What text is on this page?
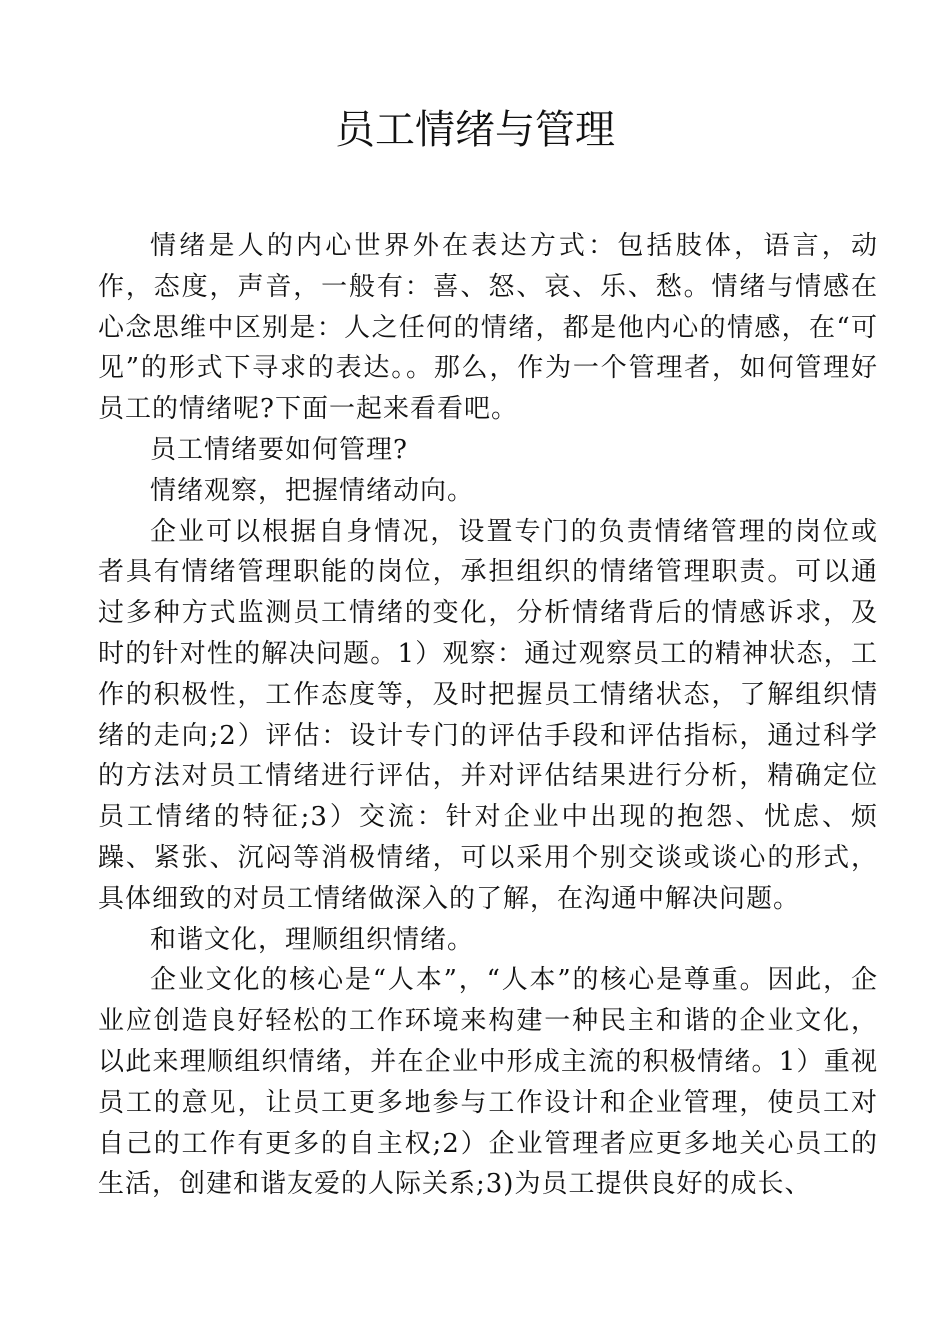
员工情绪与管理

情绪是人的内心世界外在表达方式：包括肢体，语言，动作，态度，声音，一般有：喜、怒、哀、乐、愁。情绪与情感在心念思维中区别是：人之任何的情绪，都是他内心的情感，在“可见”的形式下寻求的表达。。那么，作为一个管理者，如何管理好员工的情绪呢?下面一起来看看吧。

员工情绪要如何管理?

情绪观察，把握情绪动向。

企业可以根据自身情况，设置专门的负责情绪管理的岗位或者具有情绪管理职能的岗位，承担组织的情绪管理职责。可以通过多种方式监测员工情绪的变化，分析情绪背后的情感诉求，及时的针对性的解决问题。1）观察：通过观察员工的精神状态，工作的积极性，工作态度等，及时把握员工情绪状态，了解组织情绪的走向;2）评估：设计专门的评估手段和评估指标，通过科学的方法对员工情绪进行评估，并对评估结果进行分析，精确定位员工情绪的特征;3）交流：针对企业中出现的抱怨、忧虑、烦躁、紧张、沉闷等消极情绪，可以采用个别交谈或谈心的形式，具体细致的对员工情绪做深入的了解，在沟通中解决问题。

和谐文化，理顺组织情绪。

企业文化的核心是“人本”，“人本”的核心是尊重。因此，企业应创造良好轻松的工作环境来构建一种民主和谐的企业文化，以此来理顺组织情绪，并在企业中形成主流的积极情绪。1）重视员工的意见，让员工更多地参与工作设计和企业管理，使员工对自己的工作有更多的自主权;2）企业管理者应更多地关心员工的生活，创建和谐友爱的人际关系;3)为员工提供良好的成长、
